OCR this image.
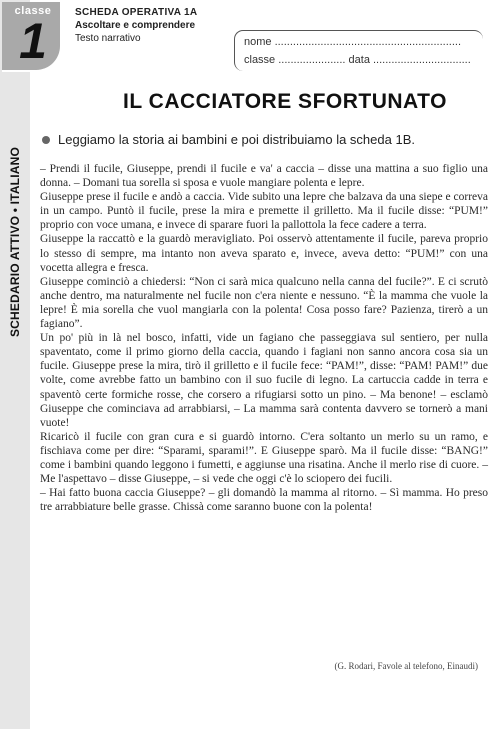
SCHEDARIO ATTIVO • ITALIANO
classe
1
SCHEDA OPERATIVA 1A
Ascoltare e comprendere
Testo narrativo	nome .............................................................
classe ...................... data ................................
IL CACCIATORE SFORTUNATO
Leggiamo la storia ai bambini e poi distribuiamo la scheda 1B.

– Prendi il fucile, Giuseppe, prendi il fucile e va' a caccia – disse una mattina a suo figlio una donna. – Domani tua sorella si sposa e vuole mangiare polenta e lepre.

Giuseppe prese il fucile e andò a caccia. Vide subito una lepre che balzava da una siepe e correva in un campo. Puntò il fucile, prese la mira e premette il grilletto. Ma il fucile disse: “PUM!” proprio con voce umana, e invece di sparare fuori la pallottola la fece cadere a terra.

Giuseppe la raccattò e la guardò meravigliato. Poi osservò attentamente il fucile, pareva proprio lo stesso di sempre, ma intanto non aveva sparato e, invece, aveva detto: “PUM!” con una vocetta allegra e fresca.

Giuseppe cominciò a chiedersi: “Non ci sarà mica qualcuno nella canna del fucile?”. E ci scrutò anche dentro, ma naturalmente nel fucile non c'era niente e nessuno. “È la mamma che vuole la lepre! È mia sorella che vuol mangiarla con la polenta! Cosa posso fare? Pazienza, tirerò a un fagiano”.

Un po' più in là nel bosco, infatti, vide un fagiano che passeggiava sul sentiero, per nulla spaventato, come il primo giorno della caccia, quando i fagiani non sanno ancora cosa sia un fucile. Giuseppe prese la mira, tirò il grilletto e il fucile fece: “PAM!”, disse: “PAM! PAM!” due volte, come avrebbe fatto un bambino con il suo fucile di legno. La cartuccia cadde in terra e spaventò certe formiche rosse, che corsero a rifugiarsi sotto un pino. – Ma benone! – esclamò Giuseppe che cominciava ad arrabbiarsi, – La mamma sarà contenta davvero se tornerò a mani vuote!

Ricaricò il fucile con gran cura e si guardò intorno. C'era soltanto un merlo su un ramo, e fischiava come per dire: “Sparami, sparami!”. E Giuseppe sparò. Ma il fucile disse: “BANG!” come i bambini quando leggono i fumetti, e aggiunse una risatina. Anche il merlo rise di cuore. – Me l'aspettavo – disse Giuseppe, – si vede che oggi c'è lo sciopero dei fucili.

– Hai fatto buona caccia Giuseppe? – gli domandò la mamma al ritorno. – Sì mamma. Ho preso tre arrabbiature belle grasse. Chissà come saranno buone con la polenta!

(G. Rodari, Favole al telefono, Einaudi)
